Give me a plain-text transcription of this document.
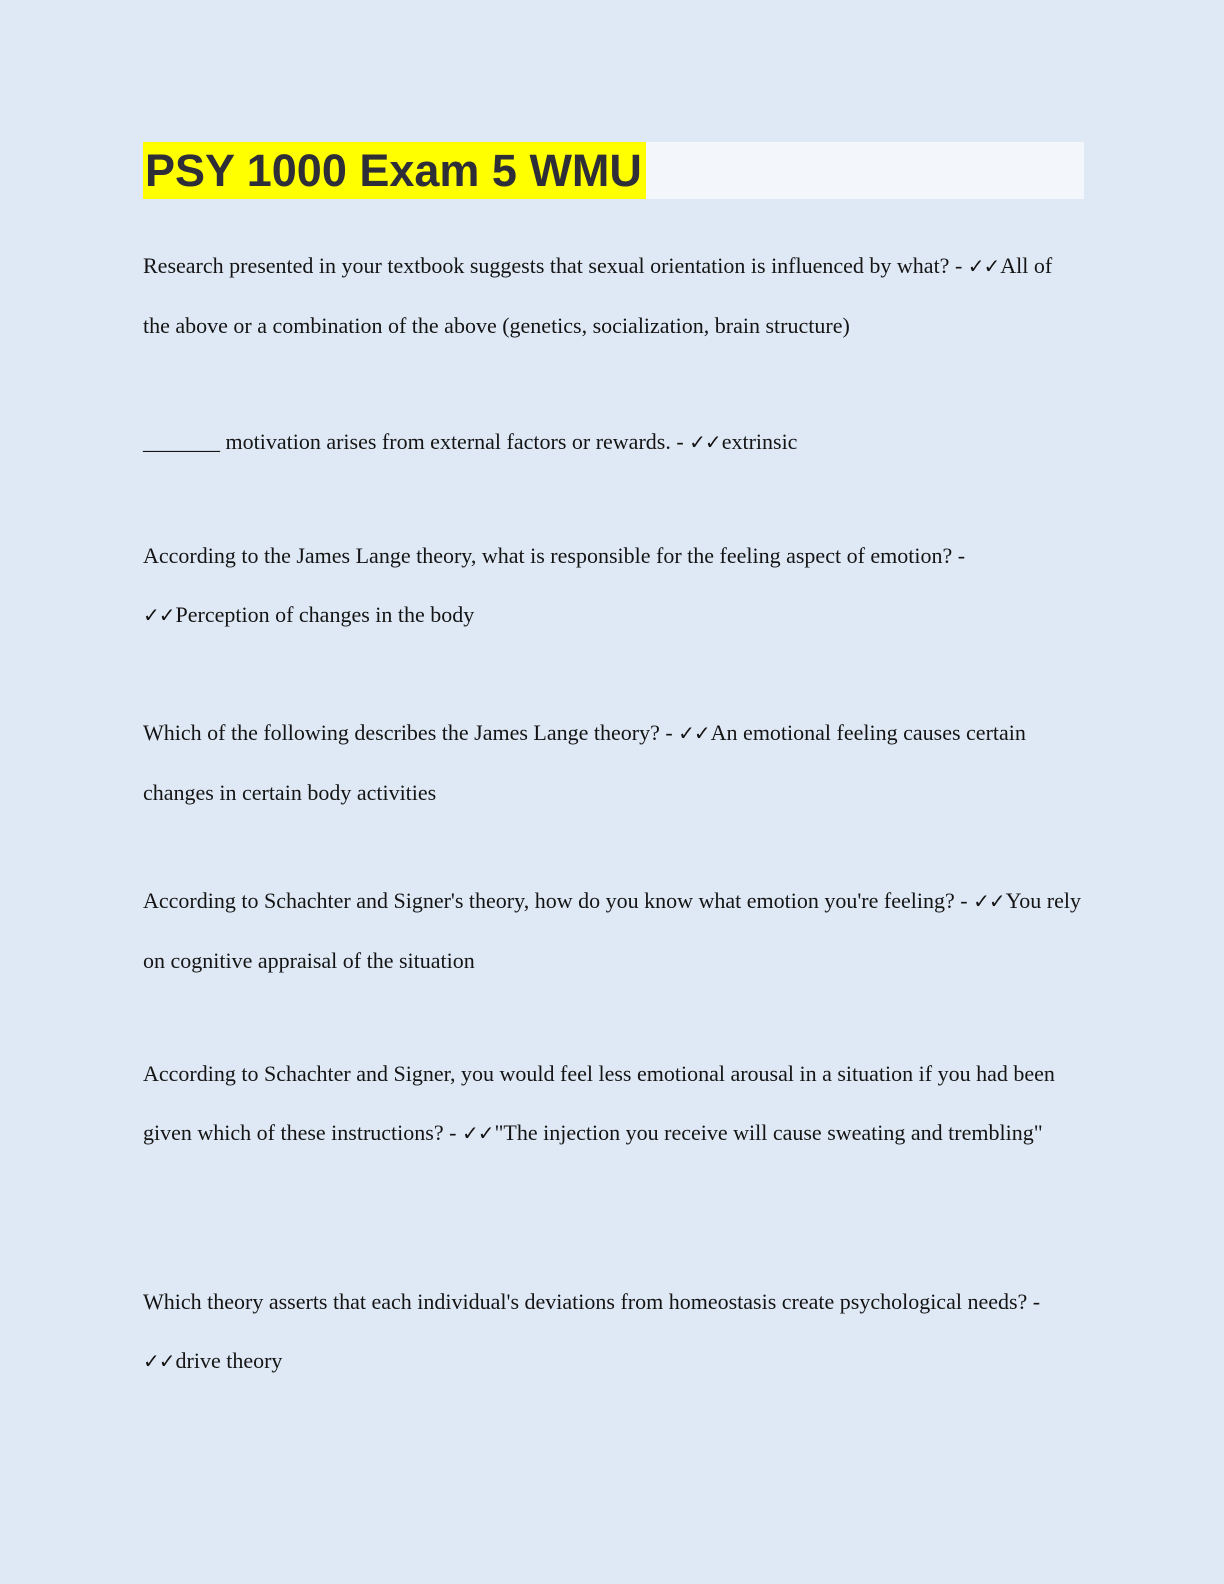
PSY 1000 Exam 5 WMU

Research presented in your textbook suggests that sexual orientation is influenced by what? - ✓✓All of the above or a combination of the above (genetics, socialization, brain structure)

_______ motivation arises from external factors or rewards. - ✓✓extrinsic

According to the James Lange theory, what is responsible for the feeling aspect of emotion? - ✓✓Perception of changes in the body

Which of the following describes the James Lange theory? - ✓✓An emotional feeling causes certain changes in certain body activities

According to Schachter and Signer's theory, how do you know what emotion you're feeling? - ✓✓You rely on cognitive appraisal of the situation

According to Schachter and Signer, you would feel less emotional arousal in a situation if you had been given which of these instructions? - ✓✓"The injection you receive will cause sweating and trembling"

Which theory asserts that each individual's deviations from homeostasis create psychological needs? - ✓✓drive theory
